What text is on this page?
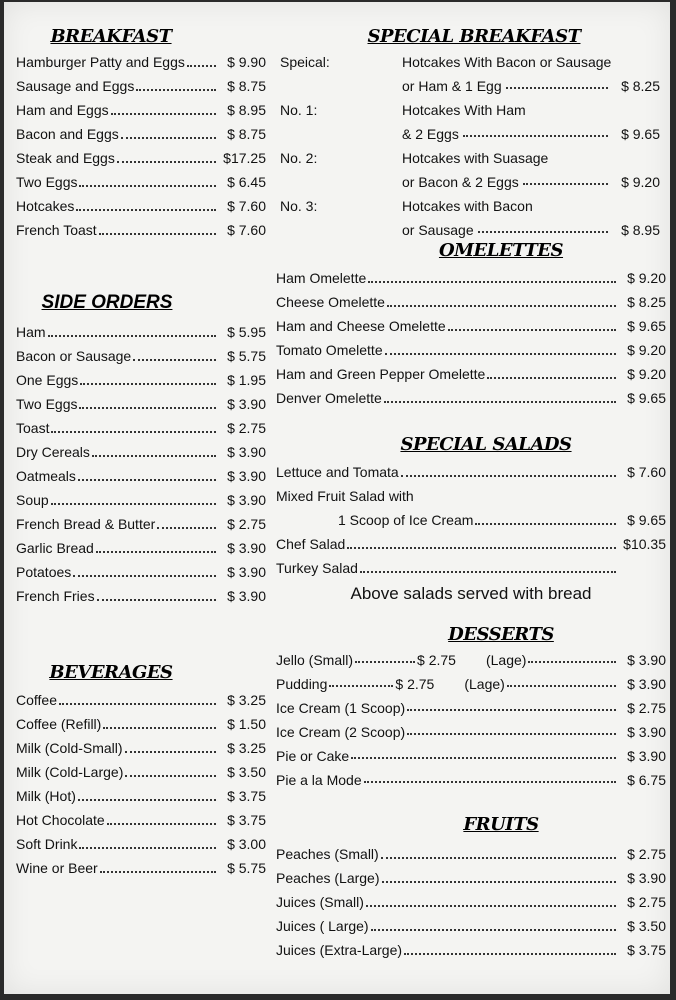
BREAKFAST
Hamburger Patty and Eggs	$ 9.90
Sausage and Eggs	$ 8.75
Ham and Eggs	$ 8.95
Bacon and Eggs	$ 8.75
Steak and Eggs	$17.25
Two Eggs	$ 6.45
Hotcakes	$ 7.60
French Toast	$ 7.60
SIDE ORDERS
Ham	$ 5.95
Bacon or Sausage	$ 5.75
One Eggs	$ 1.95
Two Eggs	$ 3.90
Toast	$ 2.75
Dry Cereals	$ 3.90
Oatmeals	$ 3.90
Soup	$ 3.90
French Bread & Butter	$ 2.75
Garlic Bread	$ 3.90
Potatoes	$ 3.90
French Fries	$ 3.90
BEVERAGES
Coffee	$ 3.25
Coffee (Refill)	$ 1.50
Milk (Cold-Small)	$ 3.25
Milk (Cold-Large)	$ 3.50
Milk (Hot)	$ 3.75
Hot Chocolate	$ 3.75
Soft Drink	$ 3.00
Wine or Beer	$ 5.75
SPECIAL BREAKFAST
Speical:	Hotcakes With Bacon or Sausage
or Ham & 1 Egg	$ 8.25
No. 1:	Hotcakes With Ham
& 2 Eggs	$ 9.65
No. 2:	Hotcakes with Suasage
or Bacon & 2 Eggs	$ 9.20
No. 3:	Hotcakes with Bacon
or Sausage	$ 8.95
OMELETTES
Ham Omelette	$ 9.20
Cheese Omelette	$ 8.25
Ham and Cheese Omelette	$ 9.65
Tomato Omelette	$ 9.20
Ham and Green Pepper Omelette	$ 9.20
Denver Omelette	$ 9.65
SPECIAL SALADS
Lettuce and Tomata	$ 7.60
Mixed Fruit Salad with
1 Scoop of Ice Cream	$ 9.65
Chef Salad	$10.35
Turkey Salad
Above salads served with bread
DESSERTS
Jello (Small)	$ 2.75 (Lage)	$ 3.90
Pudding	$ 2.75 (Lage)	$ 3.90
Ice Cream (1 Scoop)	$ 2.75
Ice Cream (2 Scoop)	$ 3.90
Pie or Cake	$ 3.90
Pie a la Mode	$ 6.75
FRUITS
Peaches (Small)	$ 2.75
Peaches (Large)	$ 3.90
Juices (Small)	$ 2.75
Juices ( Large)	$ 3.50
Juices (Extra-Large)	$ 3.75
